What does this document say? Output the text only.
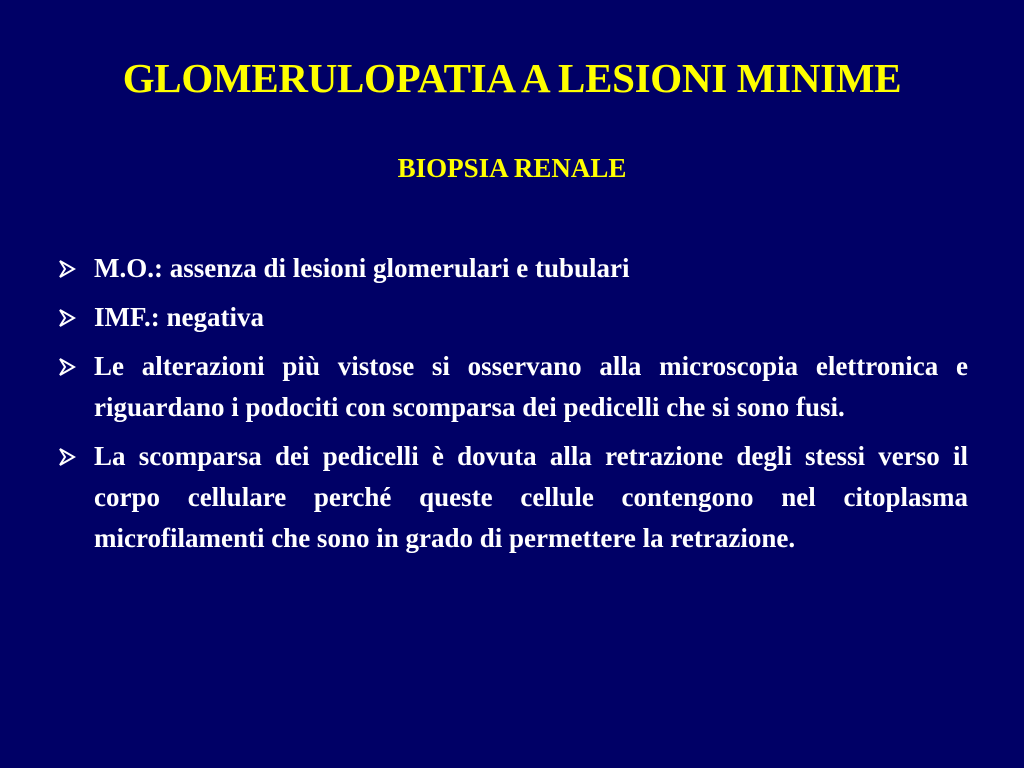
GLOMERULOPATIA A LESIONI MINIME
BIOPSIA RENALE
M.O.: assenza di lesioni glomerulari e tubulari
IMF.: negativa
Le alterazioni più vistose si osservano alla microscopia elettronica e riguardano i podociti con scomparsa dei pedicelli che si sono fusi.
La scomparsa dei pedicelli è dovuta alla retrazione degli stessi verso il corpo cellulare perché queste cellule contengono nel citoplasma microfilamenti che sono in grado di permettere la retrazione.
